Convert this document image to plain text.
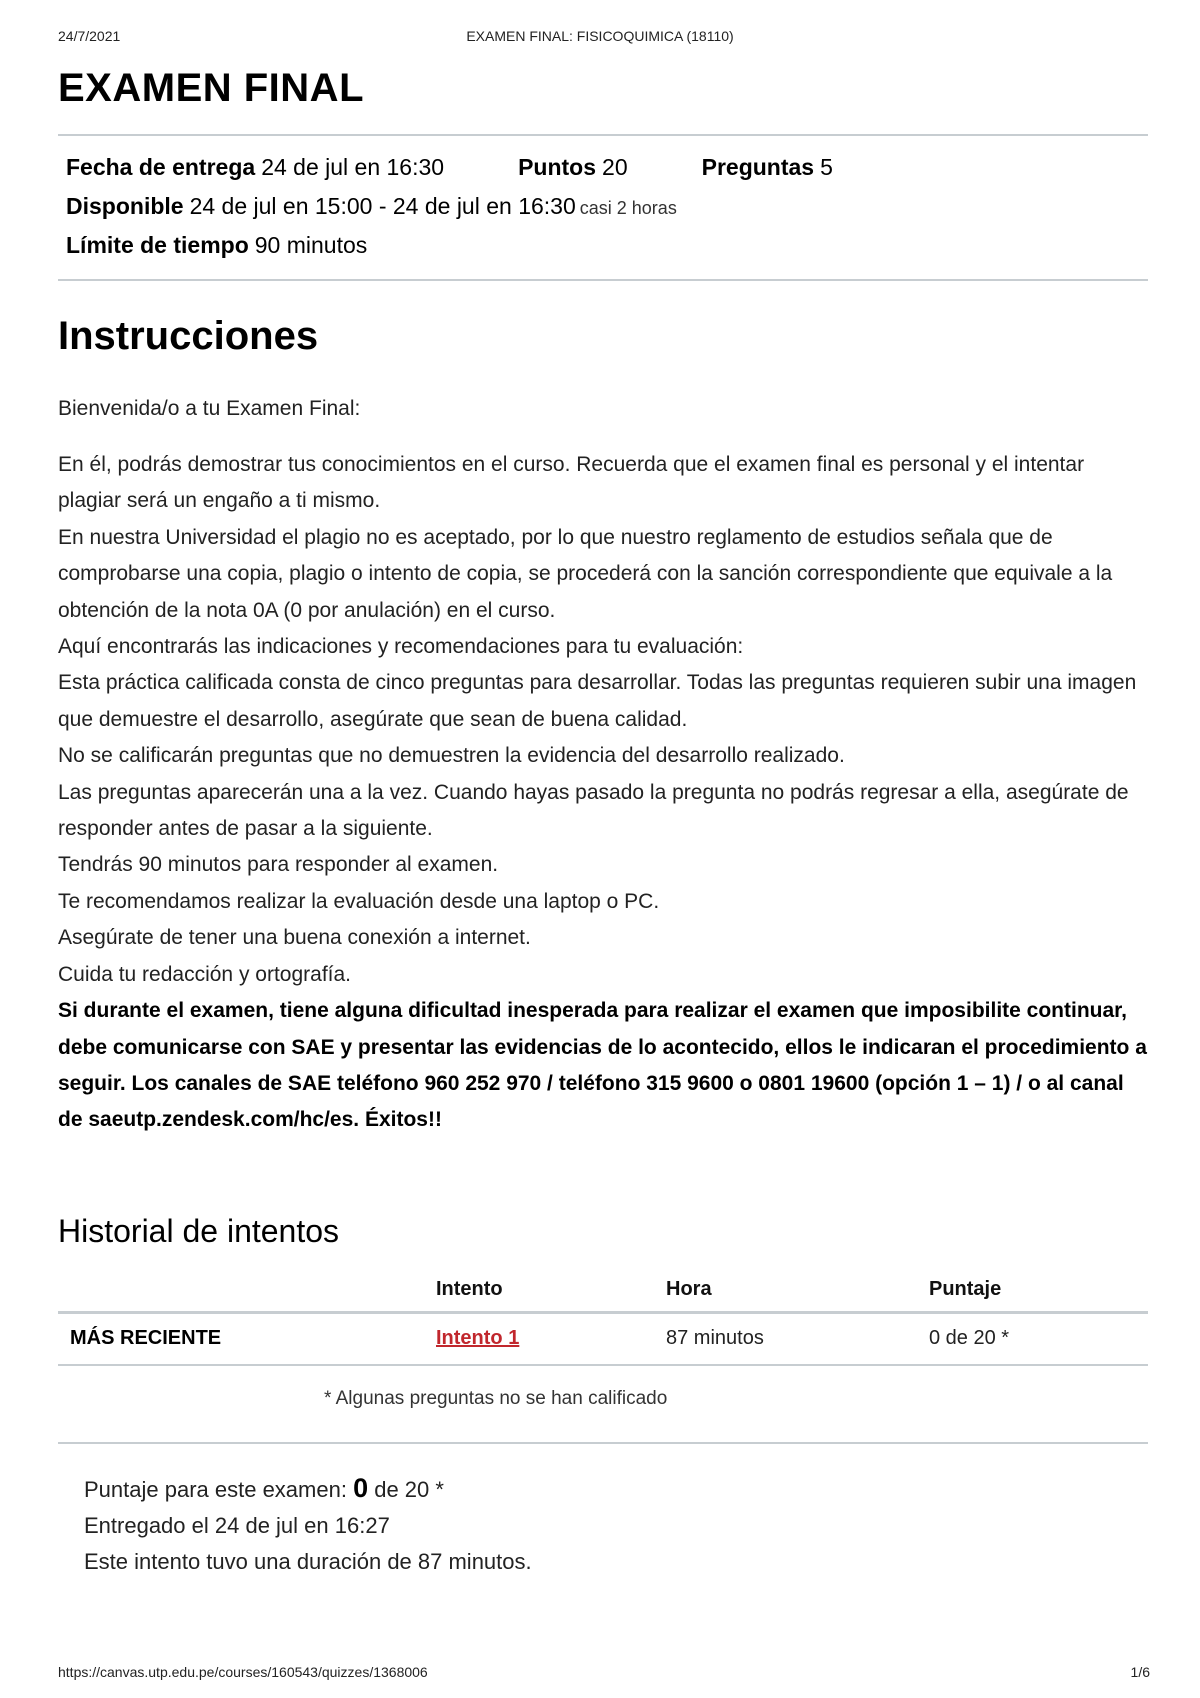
24/7/2021	EXAMEN FINAL: FISICOQUIMICA (18110)
EXAMEN FINAL
Fecha de entrega 24 de jul en 16:30	Puntos 20	Preguntas 5
Disponible 24 de jul en 15:00 - 24 de jul en 16:30 casi 2 horas
Límite de tiempo 90 minutos
Instrucciones
Bienvenida/o a tu Examen Final:

En él, podrás demostrar tus conocimientos en el curso. Recuerda que el examen final es personal y el intentar plagiar será un engaño a ti mismo.

En nuestra Universidad el plagio no es aceptado, por lo que nuestro reglamento de estudios señala que de comprobarse una copia, plagio o intento de copia, se procederá con la sanción correspondiente que equivale a la obtención de la nota 0A (0 por anulación) en el curso.

Aquí encontrarás las indicaciones y recomendaciones para tu evaluación:

Esta práctica calificada consta de cinco preguntas para desarrollar. Todas las preguntas requieren subir una imagen que demuestre el desarrollo, asegúrate que sean de buena calidad.

No se calificarán preguntas que no demuestren la evidencia del desarrollo realizado.

Las preguntas aparecerán una a la vez. Cuando hayas pasado la pregunta no podrás regresar a ella, asegúrate de responder antes de pasar a la siguiente.

Tendrás 90 minutos para responder al examen.

Te recomendamos realizar la evaluación desde una laptop o PC.

Asegúrate de tener una buena conexión a internet.

Cuida tu redacción y ortografía.

Si durante el examen, tiene alguna dificultad inesperada para realizar el examen que imposibilite continuar, debe comunicarse con SAE y presentar las evidencias de lo acontecido, ellos le indicaran el procedimiento a seguir. Los canales de SAE teléfono 960 252 970 / teléfono 315 9600 o 0801 19600 (opción 1 – 1) / o al canal de saeutp.zendesk.com/hc/es. Éxitos!!

Historial de intentos
	Intento	Hora	Puntaje
MÁS RECIENTE	Intento 1	87 minutos	0 de 20 *
* Algunas preguntas no se han calificado
Puntaje para este examen: 0 de 20 *
Entregado el 24 de jul en 16:27
Este intento tuvo una duración de 87 minutos.
https://canvas.utp.edu.pe/courses/160543/quizzes/1368006	1/6
